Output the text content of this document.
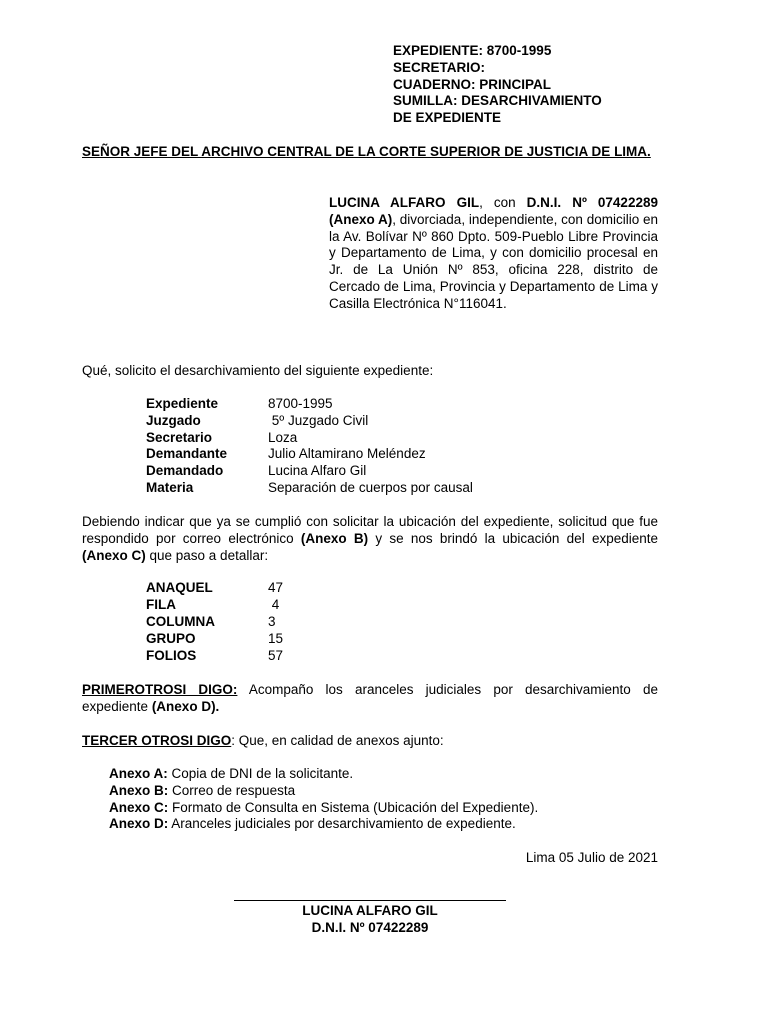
EXPEDIENTE: 8700-1995
SECRETARIO:
CUADERNO: PRINCIPAL
SUMILLA: DESARCHIVAMIENTO
DE EXPEDIENTE
SEÑOR JEFE DEL ARCHIVO CENTRAL DE LA CORTE SUPERIOR DE JUSTICIA DE LIMA.
LUCINA ALFARO GIL, con D.N.I. Nº 07422289 (Anexo A), divorciada, independiente, con domicilio en la Av. Bolívar Nº 860 Dpto. 509-Pueblo Libre Provincia y Departamento de Lima, y con domicilio procesal en Jr. de La Unión Nº 853, oficina 228, distrito de Cercado de Lima, Provincia y Departamento de Lima y Casilla Electrónica N°116041.
Qué, solicito el desarchivamiento del siguiente expediente:
Expediente	8700-1995
Juzgado	5º Juzgado Civil
Secretario	Loza
Demandante	Julio Altamirano Meléndez
Demandado	Lucina Alfaro Gil
Materia	Separación de cuerpos por causal
Debiendo indicar que ya se cumplió con solicitar la ubicación del expediente, solicitud que fue respondido por correo electrónico (Anexo B) y se nos brindó la ubicación del expediente (Anexo C) que paso a detallar:
ANAQUEL	47
FILA	4
COLUMNA	3
GRUPO	15
FOLIOS	57
PRIMEROTROSI DIGO: Acompaño los aranceles judiciales por desarchivamiento de expediente (Anexo D).
TERCER OTROSI DIGO: Que, en calidad de anexos ajunto:
Anexo A: Copia de DNI de la solicitante.
Anexo B: Correo de respuesta
Anexo C: Formato de Consulta en Sistema (Ubicación del Expediente).
Anexo D: Aranceles judiciales por desarchivamiento de expediente.
Lima 05 Julio de 2021
LUCINA ALFARO GIL
D.N.I. Nº 07422289
